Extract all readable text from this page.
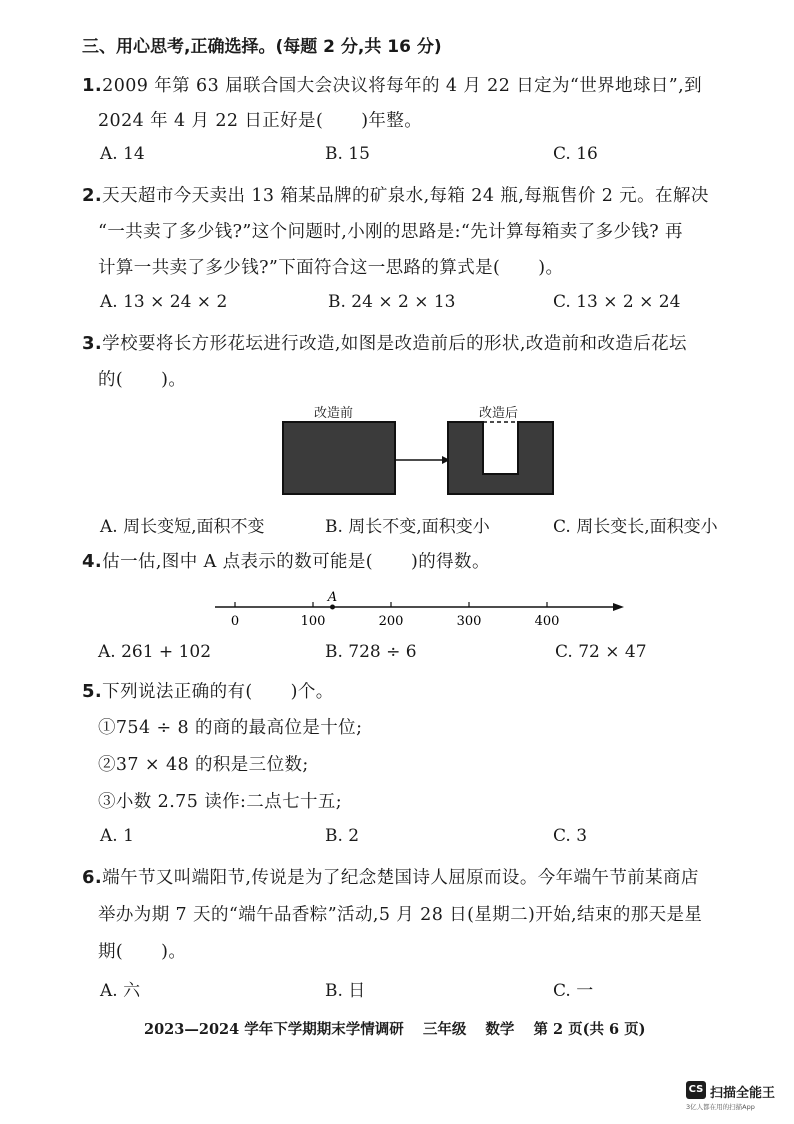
三、用心思考,正确选择。(每题 2 分,共 16 分)
1.2009 年第 63 届联合国大会决议将每年的 4 月 22 日定为“世界地球日”,到
2024 年 4 月 22 日正好是( )年整。
A. 14	B. 15	C. 16
2.天天超市今天卖出 13 箱某品牌的矿泉水,每箱 24 瓶,每瓶售价 2 元。在解决
“一共卖了多少钱?”这个问题时,小刚的思路是:“先计算每箱卖了多少钱? 再
计算一共卖了多少钱?”下面符合这一思路的算式是( )。
A. 13 × 24 × 2	B. 24 × 2 × 13	C. 13 × 2 × 24
3.学校要将长方形花坛进行改造,如图是改造前后的形状,改造前和改造后花坛
的( )。
改造前	改造后
A. 周长变短,面积不变	B. 周长不变,面积变小	C. 周长变长,面积变小
4.估一估,图中 A 点表示的数可能是( )的得数。
0	100	200	300	400
A
A. 261 + 102	B. 728 ÷ 6	C. 72 × 47
5.下列说法正确的有( )个。
①754 ÷ 8 的商的最高位是十位;
②37 × 48 的积是三位数;
③小数 2.75 读作:二点七十五;
A. 1	B. 2	C. 3
6.端午节又叫端阳节,传说是为了纪念楚国诗人屈原而设。今年端午节前某商店
举办为期 7 天的“端午品香粽”活动,5 月 28 日(星期二)开始,结束的那天是星
期( )。
A. 六	B. 日	C. 一
2023—2024 学年下学期期末学情调研 三年级 数学 第 2 页(共 6 页)
CS 扫描全能王
3亿人都在用的扫描App
